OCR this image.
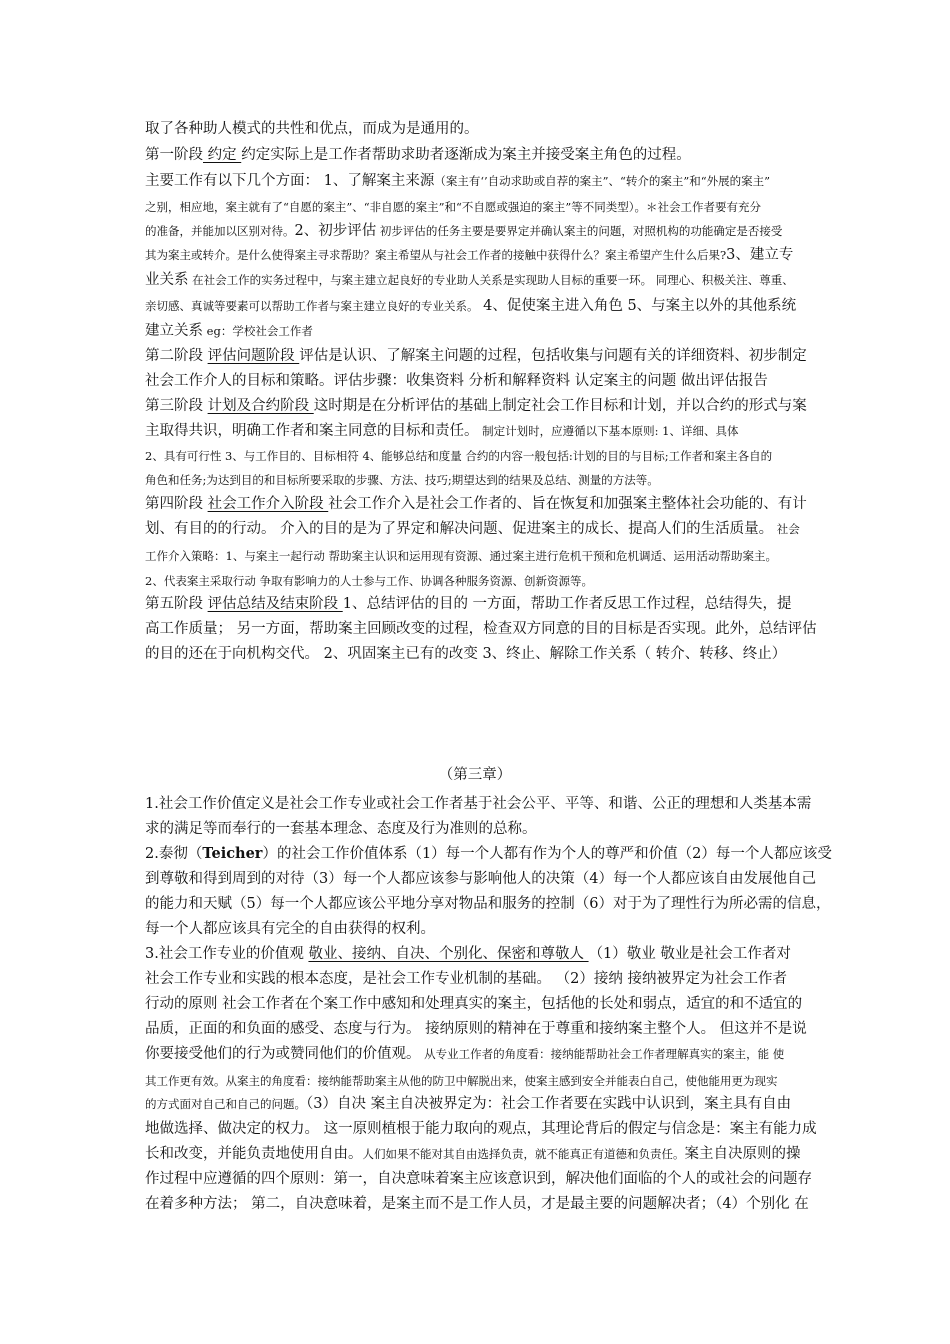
取了各种助人模式的共性和优点，而成为是通用的。
第一阶段 约定 约定实际上是工作者帮助求助者逐渐成为案主并接受案主角色的过程。
主要工作有以下几个方面： 1、了解案主来源（案主有‘’自动求助或自荐的案主”、“转介的案主”和“外展的案主”
之别，相应地，案主就有了“自愿的案主”、“非自愿的案主”和“不自愿或强迫的案主”等不同类型）。＊社会工作者要有充分
的准备，并能加以区别对待。2、初步评估 初步评估的任务主要是要界定并确认案主的问题，对照机构的功能确定是否接受
其为案主或转介。是什么使得案主寻求帮助？案主希望从与社会工作者的接触中获得什么？案主希望产生什么后果?3、建立专
业关系 在社会工作的实务过程中，与案主建立起良好的专业助人关系是实现助人目标的重要一环。 同理心、积极关注、尊重、
亲切感、真诚等要素可以帮助工作者与案主建立良好的专业关系。 4、促使案主进入角色 5、与案主以外的其他系统
建立关系 eg：学校社会工作者
第二阶段 评估问题阶段 评估是认识、了解案主问题的过程，包括收集与问题有关的详细资料、初步制定
社会工作介人的目标和策略。评估步骤：收集资料 分析和解释资料 认定案主的问题 做出评估报告
第三阶段 计划及合约阶段 这时期是在分析评估的基础上制定社会工作目标和计划，并以合约的形式与案
主取得共识，明确工作者和案主同意的目标和责任。 制定计划时，应遵循以下基本原则: 1、详细、具体
2、具有可行性 3、与工作目的、目标相符 4、能够总结和度量 合约的内容一般包括:计划的目的与目标;工作者和案主各自的
角色和任务;为达到目的和目标所要采取的步骤、方法、技巧;期望达到的结果及总结、测量的方法等。
第四阶段 社会工作介入阶段 社会工作介入是社会工作者的、旨在恢复和加强案主整体社会功能的、有计
划、有目的的行动。 介入的目的是为了界定和解决问题、促进案主的成长、提高人们的生活质量。 社会
工作介入策略：1、与案主一起行动 帮助案主认识和运用现有资源、通过案主进行危机干预和危机调适、运用活动帮助案主。
2、代表案主采取行动 争取有影响力的人士参与工作、协调各种服务资源、创新资源等。
第五阶段 评估总结及结束阶段 1、总结评估的目的 一方面，帮助工作者反思工作过程，总结得失，提
高工作质量； 另一方面，帮助案主回顾改变的过程，检查双方同意的目的目标是否实现。此外，总结评估
的目的还在于向机构交代。 2、巩固案主已有的改变 3、终止、解除工作关系（ 转介、转移、终止）
（第三章）
1.社会工作价值定义是社会工作专业或社会工作者基于社会公平、平等、和谐、公正的理想和人类基本需
求的满足等而奉行的一套基本理念、态度及行为准则的总称。
2.泰彻（Teicher）的社会工作价值体系（1）每一个人都有作为个人的尊严和价值（2）每一个人都应该受
到尊敬和得到周到的对待（3）每一个人都应该参与影响他人的决策（4）每一个人都应该自由发展他自己
的能力和天赋（5）每一个人都应该公平地分享对物品和服务的控制（6）对于为了理性行为所必需的信息，
每一个人都应该具有完全的自由获得的权利。
3.社会工作专业的价值观 敬业、接纳、自决、个别化、保密和尊敬人 （1）敬业 敬业是社会工作者对
社会工作专业和实践的根本态度，是社会工作专业机制的基础。 （2）接纳 接纳被界定为社会工作者
行动的原则 社会工作者在个案工作中感知和处理真实的案主，包括他的长处和弱点，适宜的和不适宜的
品质，正面的和负面的感受、态度与行为。 接纳原则的精神在于尊重和接纳案主整个人。 但这并不是说
你要接受他们的行为或赞同他们的价值观。 从专业工作者的角度看：接纳能帮助社会工作者理解真实的案主，能 使
其工作更有效。从案主的角度看：接纳能帮助案主从他的防卫中解脱出来，使案主感到安全并能表白自己，使他能用更为现实
的方式面对自己和自己的问题。（3）自决 案主自决被界定为：社会工作者要在实践中认识到，案主具有自由
地做选择、做决定的权力。 这一原则植根于能力取向的观点，其理论背后的假定与信念是：案主有能力成
长和改变，并能负责地使用自由。人们如果不能对其自由选择负责，就不能真正有道德和负责任。案主自决原则的操
作过程中应遵循的四个原则：第一，自决意味着案主应该意识到，解决他们面临的个人的或社会的问题存
在着多种方法； 第二，自决意味着，是案主而不是工作人员，才是最主要的问题解决者；（4）个别化 在
